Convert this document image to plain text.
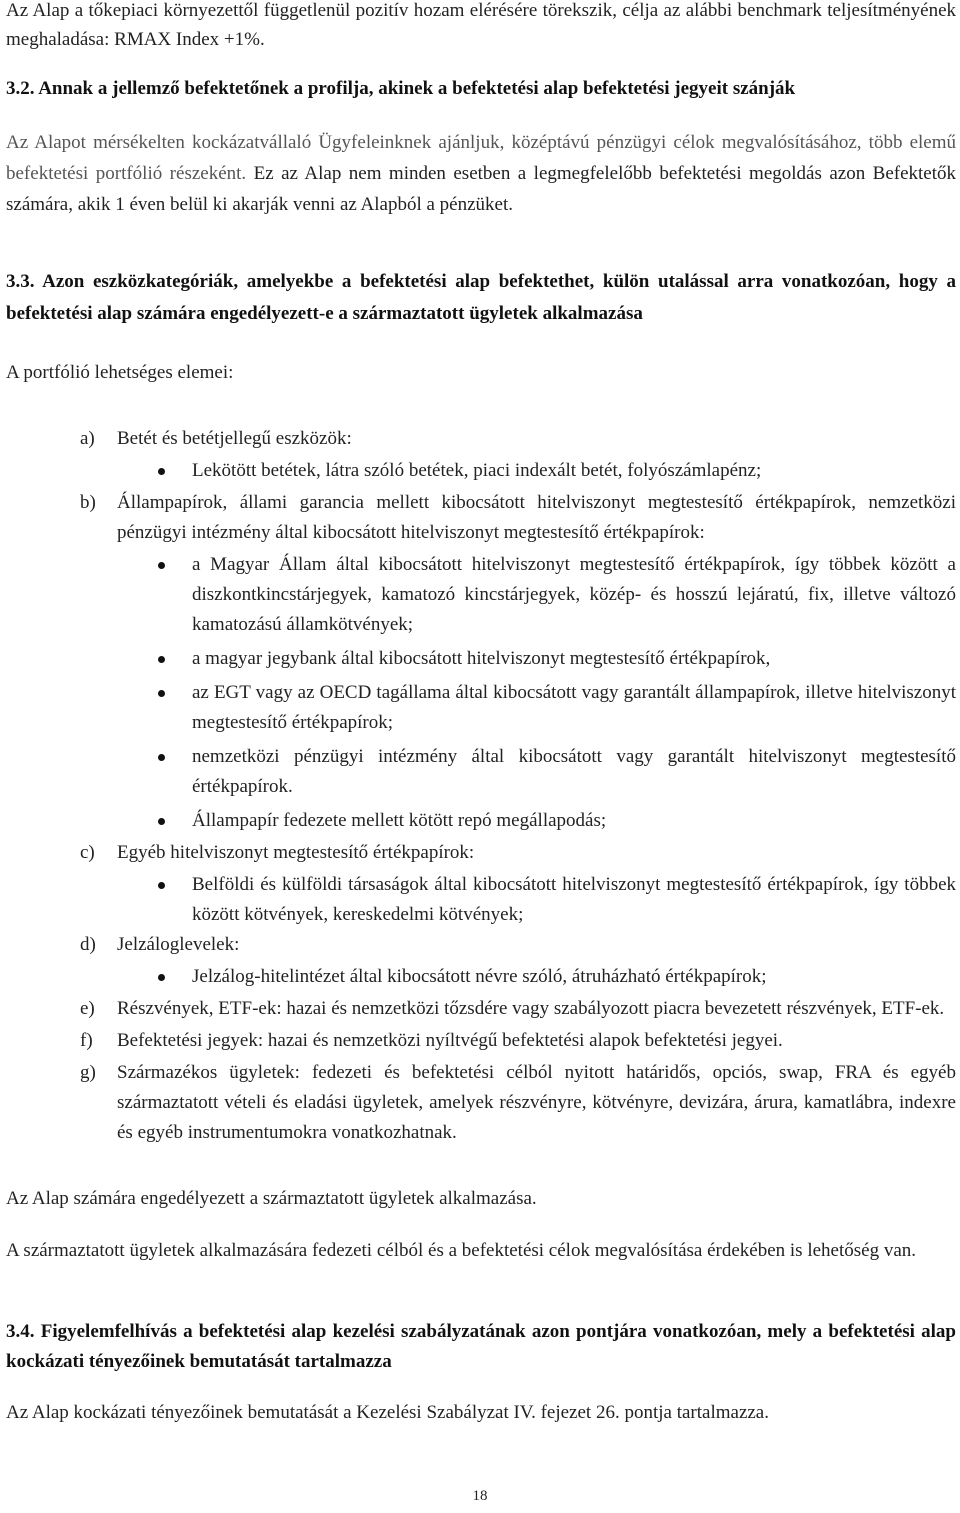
Az Alap a tőkepiaci környezettől függetlenül pozitív hozam elérésére törekszik, célja az alábbi benchmark teljesítményének meghaladása: RMAX Index +1%.

3.2. Annak a jellemző befektetőnek a profilja, akinek a befektetési alap befektetési jegyeit szánják

Az Alapot mérsékelten kockázatvállaló Ügyfeleinknek ajánljuk, középtávú pénzügyi célok megvalósításához, több elemű befektetési portfólió részeként. Ez az Alap nem minden esetben a legmegfelelőbb befektetési megoldás azon Befektetők számára, akik 1 éven belül ki akarják venni az Alapból a pénzüket.

3.3. Azon eszközkategóriák, amelyekbe a befektetési alap befektethet, külön utalással arra vonatkozóan, hogy a befektetési alap számára engedélyezett-e a származtatott ügyletek alkalmazása

A portfólió lehetséges elemei:

a) Betét és betétjellegű eszközök:
Lekötött betétek, látra szóló betétek, piaci indexált betét, folyószámlapénz;
b) Állampapírok, állami garancia mellett kibocsátott hitelviszonyt megtestesítő értékpapírok, nemzetközi pénzügyi intézmény által kibocsátott hitelviszonyt megtestesítő értékpapírok:
a Magyar Állam által kibocsátott hitelviszonyt megtestesítő értékpapírok, így többek között a diszkontkincstárjegyek, kamatozó kincstárjegyek, közép- és hosszú lejáratú, fix, illetve változó kamatozású államkötvények;
a magyar jegybank által kibocsátott hitelviszonyt megtestesítő értékpapírok,
az EGT vagy az OECD tagállama által kibocsátott vagy garantált állampapírok, illetve hitelviszonyt megtestesítő értékpapírok;
nemzetközi pénzügyi intézmény által kibocsátott vagy garantált hitelviszonyt megtestesítő értékpapírok.
Állampapír fedezete mellett kötött repó megállapodás;
c) Egyéb hitelviszonyt megtestesítő értékpapírok:
Belföldi és külföldi társaságok által kibocsátott hitelviszonyt megtestesítő értékpapírok, így többek között kötvények, kereskedelmi kötvények;
d) Jelzáloglevelek:
Jelzálog-hitelintézet által kibocsátott névre szóló, átruházható értékpapírok;
e) Részvények, ETF-ek: hazai és nemzetközi tőzsdére vagy szabályozott piacra bevezetett részvények, ETF-ek.
f) Befektetési jegyek: hazai és nemzetközi nyíltvégű befektetési alapok befektetési jegyei.
g) Származékos ügyletek: fedezeti és befektetési célból nyitott határidős, opciós, swap, FRA és egyéb származtatott vételi és eladási ügyletek, amelyek részvényre, kötvényre, devizára, árura, kamatlábra, indexre és egyéb instrumentumokra vonatkozhatnak.

Az Alap számára engedélyezett a származtatott ügyletek alkalmazása.

A származtatott ügyletek alkalmazására fedezeti célból és a befektetési célok megvalósítása érdekében is lehetőség van.

3.4. Figyelemfelhívás a befektetési alap kezelési szabályzatának azon pontjára vonatkozóan, mely a befektetési alap kockázati tényezőinek bemutatását tartalmazza

Az Alap kockázati tényezőinek bemutatását a Kezelési Szabályzat IV. fejezet 26. pontja tartalmazza.

18
